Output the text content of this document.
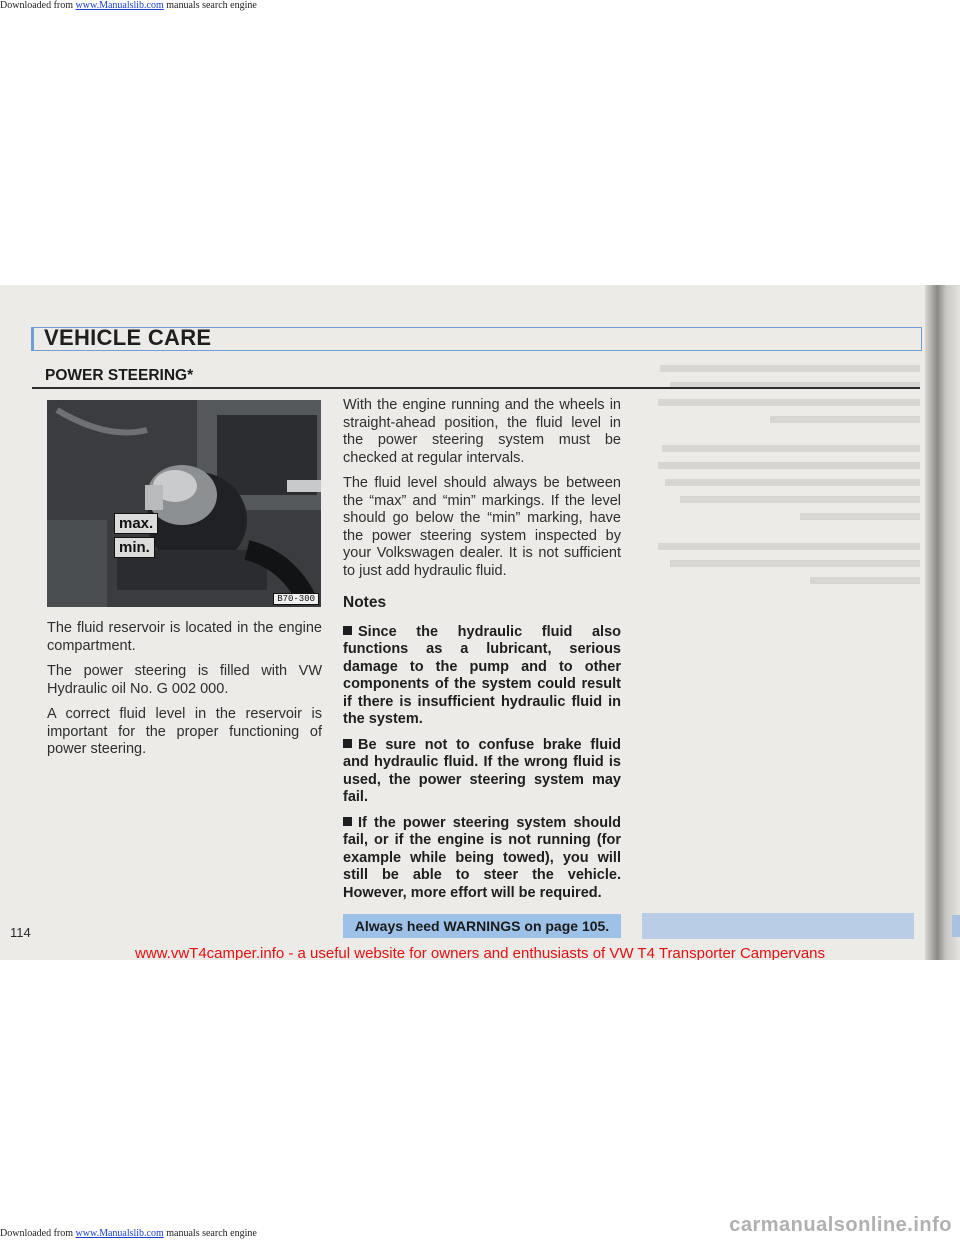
Downloaded from www.Manualslib.com manuals search engine
VEHICLE CARE
POWER STEERING*
max.
min.
B70-300

The fluid reservoir is located in the engine compartment.

The power steering is filled with VW Hydraulic oil No. G 002 000.

A correct fluid level in the reservoir is important for the proper functioning of power steering.

With the engine running and the wheels in straight-ahead position, the fluid level in the power steering system must be checked at regular intervals.

The fluid level should always be between the “max” and “min” markings. If the level should go below the “min” marking, have the power steering system inspected by your Volkswagen dealer. It is not sufficient to just add hydraulic fluid.

Notes

Since the hydraulic fluid also functions as a lubricant, serious damage to the pump and to other components of the system could result if there is insufficient hydraulic fluid in the system.

Be sure not to confuse brake fluid and hydraulic fluid. If the wrong fluid is used, the power steering system may fail.

If the power steering system should fail, or if the engine is not running (for example while being towed), you will still be able to steer the vehicle. However, more effort will be required.

114	Always heed WARNINGS on page 105.
www.vwT4camper.info - a useful website for owners and enthusiasts of VW T4 Transporter Campervans
Downloaded from www.Manualslib.com manuals search engine	carmanualsonline.info
